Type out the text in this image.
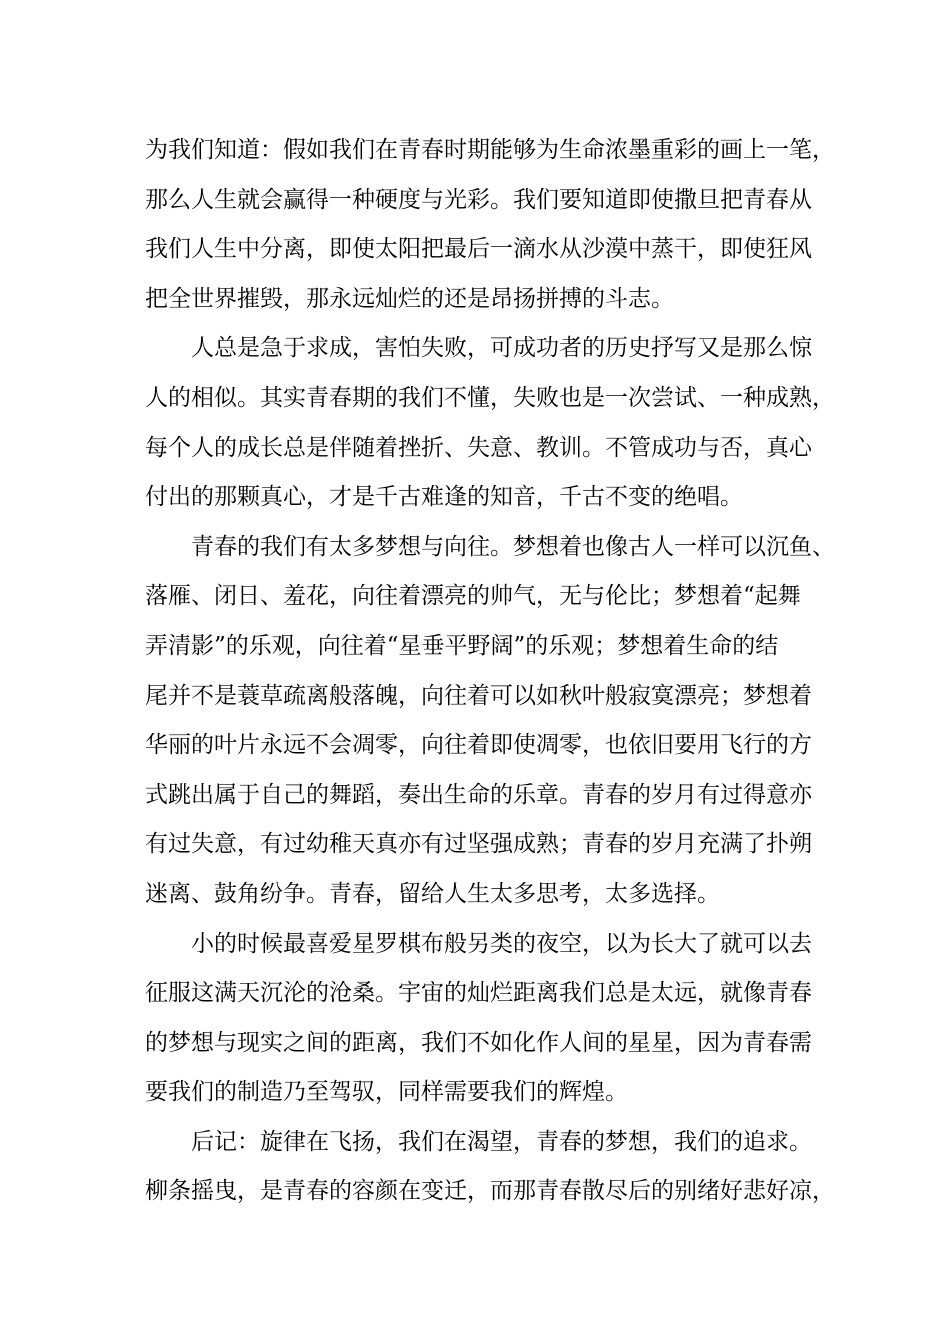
为我们知道：假如我们在青春时期能够为生命浓墨重彩的画上一笔，
那么人生就会赢得一种硬度与光彩。我们要知道即使撒旦把青春从
我们人生中分离，即使太阳把最后一滴水从沙漠中蒸干，即使狂风
把全世界摧毁，那永远灿烂的还是昂扬拼搏的斗志。
人总是急于求成，害怕失败，可成功者的历史抒写又是那么惊
人的相似。其实青春期的我们不懂，失败也是一次尝试、一种成熟，
每个人的成长总是伴随着挫折、失意、教训。不管成功与否，真心
付出的那颗真心，才是千古难逢的知音，千古不变的绝唱。
青春的我们有太多梦想与向往。梦想着也像古人一样可以沉鱼、
落雁、闭日、羞花，向往着漂亮的帅气，无与伦比；梦想着“起舞
弄清影”的乐观，向往着“星垂平野阔”的乐观；梦想着生命的结
尾并不是蓑草疏离般落魄，向往着可以如秋叶般寂寞漂亮；梦想着
华丽的叶片永远不会凋零，向往着即使凋零，也依旧要用飞行的方
式跳出属于自己的舞蹈，奏出生命的乐章。青春的岁月有过得意亦
有过失意，有过幼稚天真亦有过坚强成熟；青春的岁月充满了扑朔
迷离、鼓角纷争。青春，留给人生太多思考，太多选择。
小的时候最喜爱星罗棋布般另类的夜空，以为长大了就可以去
征服这满天沉沦的沧桑。宇宙的灿烂距离我们总是太远，就像青春
的梦想与现实之间的距离，我们不如化作人间的星星，因为青春需
要我们的制造乃至驾驭，同样需要我们的辉煌。
后记：旋律在飞扬，我们在渴望，青春的梦想，我们的追求。
柳条摇曳，是青春的容颜在变迁，而那青春散尽后的别绪好悲好凉，
